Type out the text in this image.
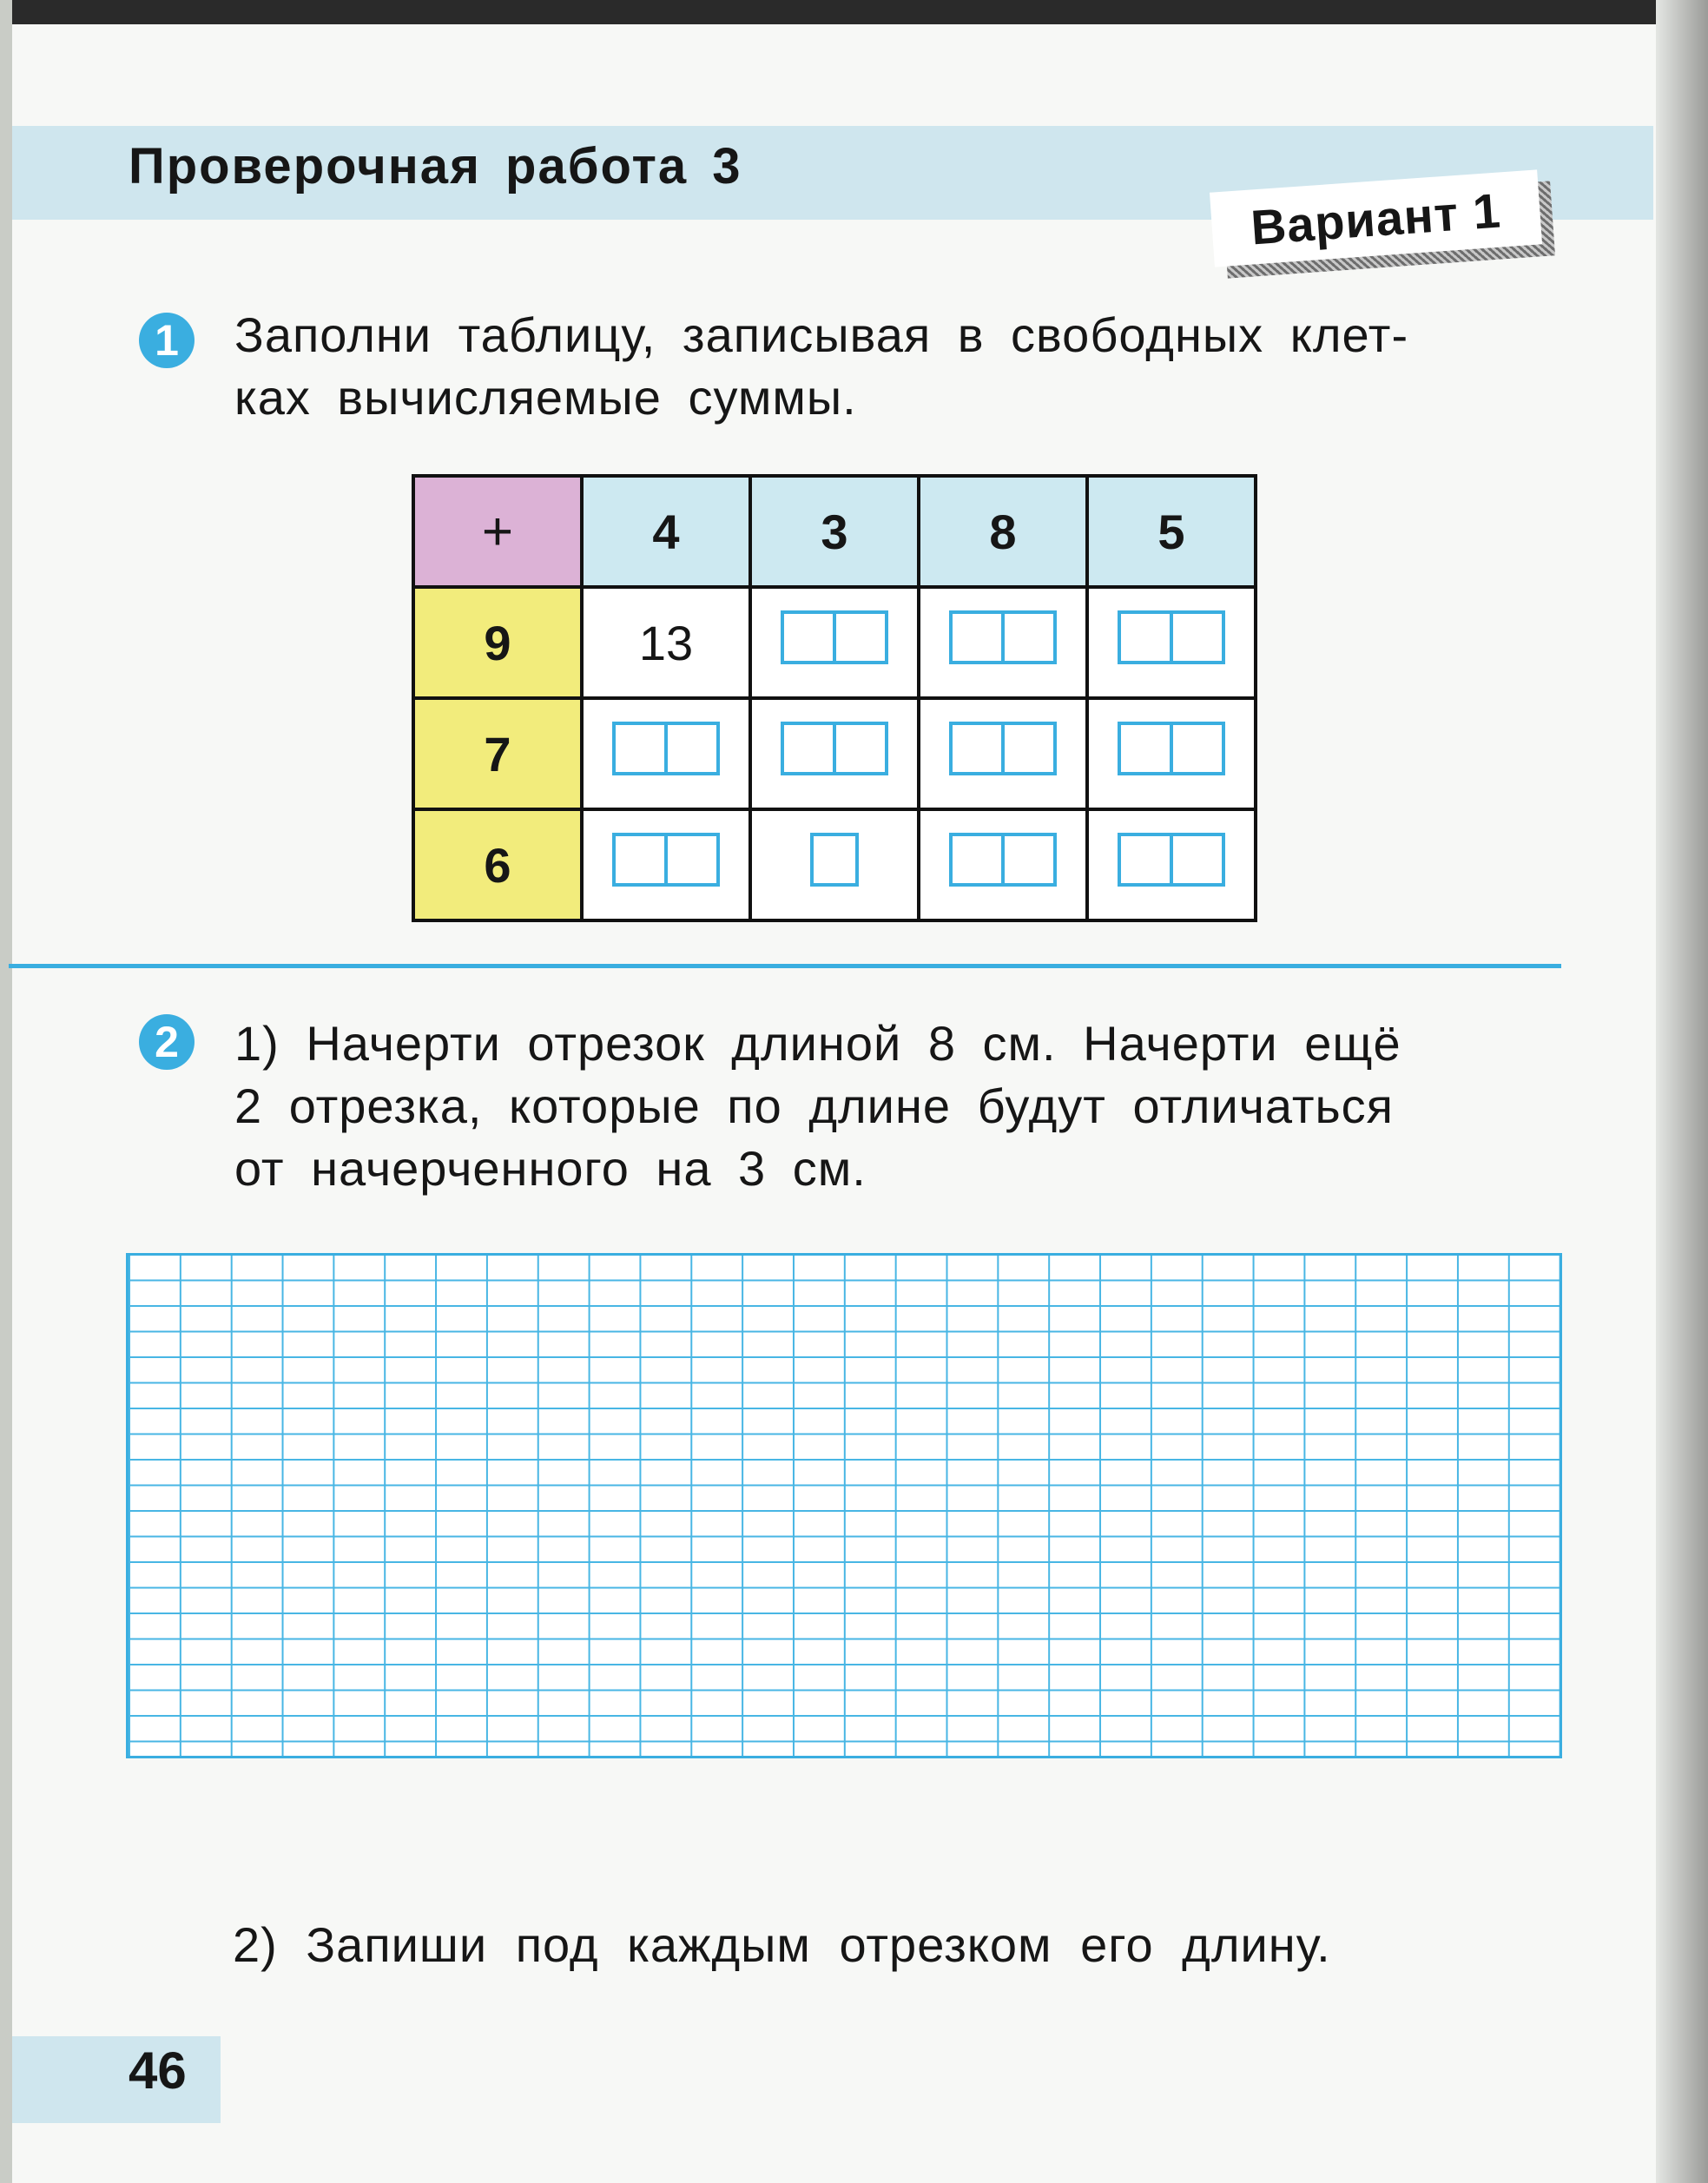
Проверочная работа 3
Вариант 1
1	Заполни таблицу, записывая в свободных клет-
ках вычисляемые суммы.
+	4	3	8	5
9	13	

7	

6	

2	1) Начерти отрезок длиной 8 см. Начерти ещё
2 отрезка, которые по длине будут отличаться
от начерченного на 3 см.
2) Запиши под каждым отрезком его длину.
46
